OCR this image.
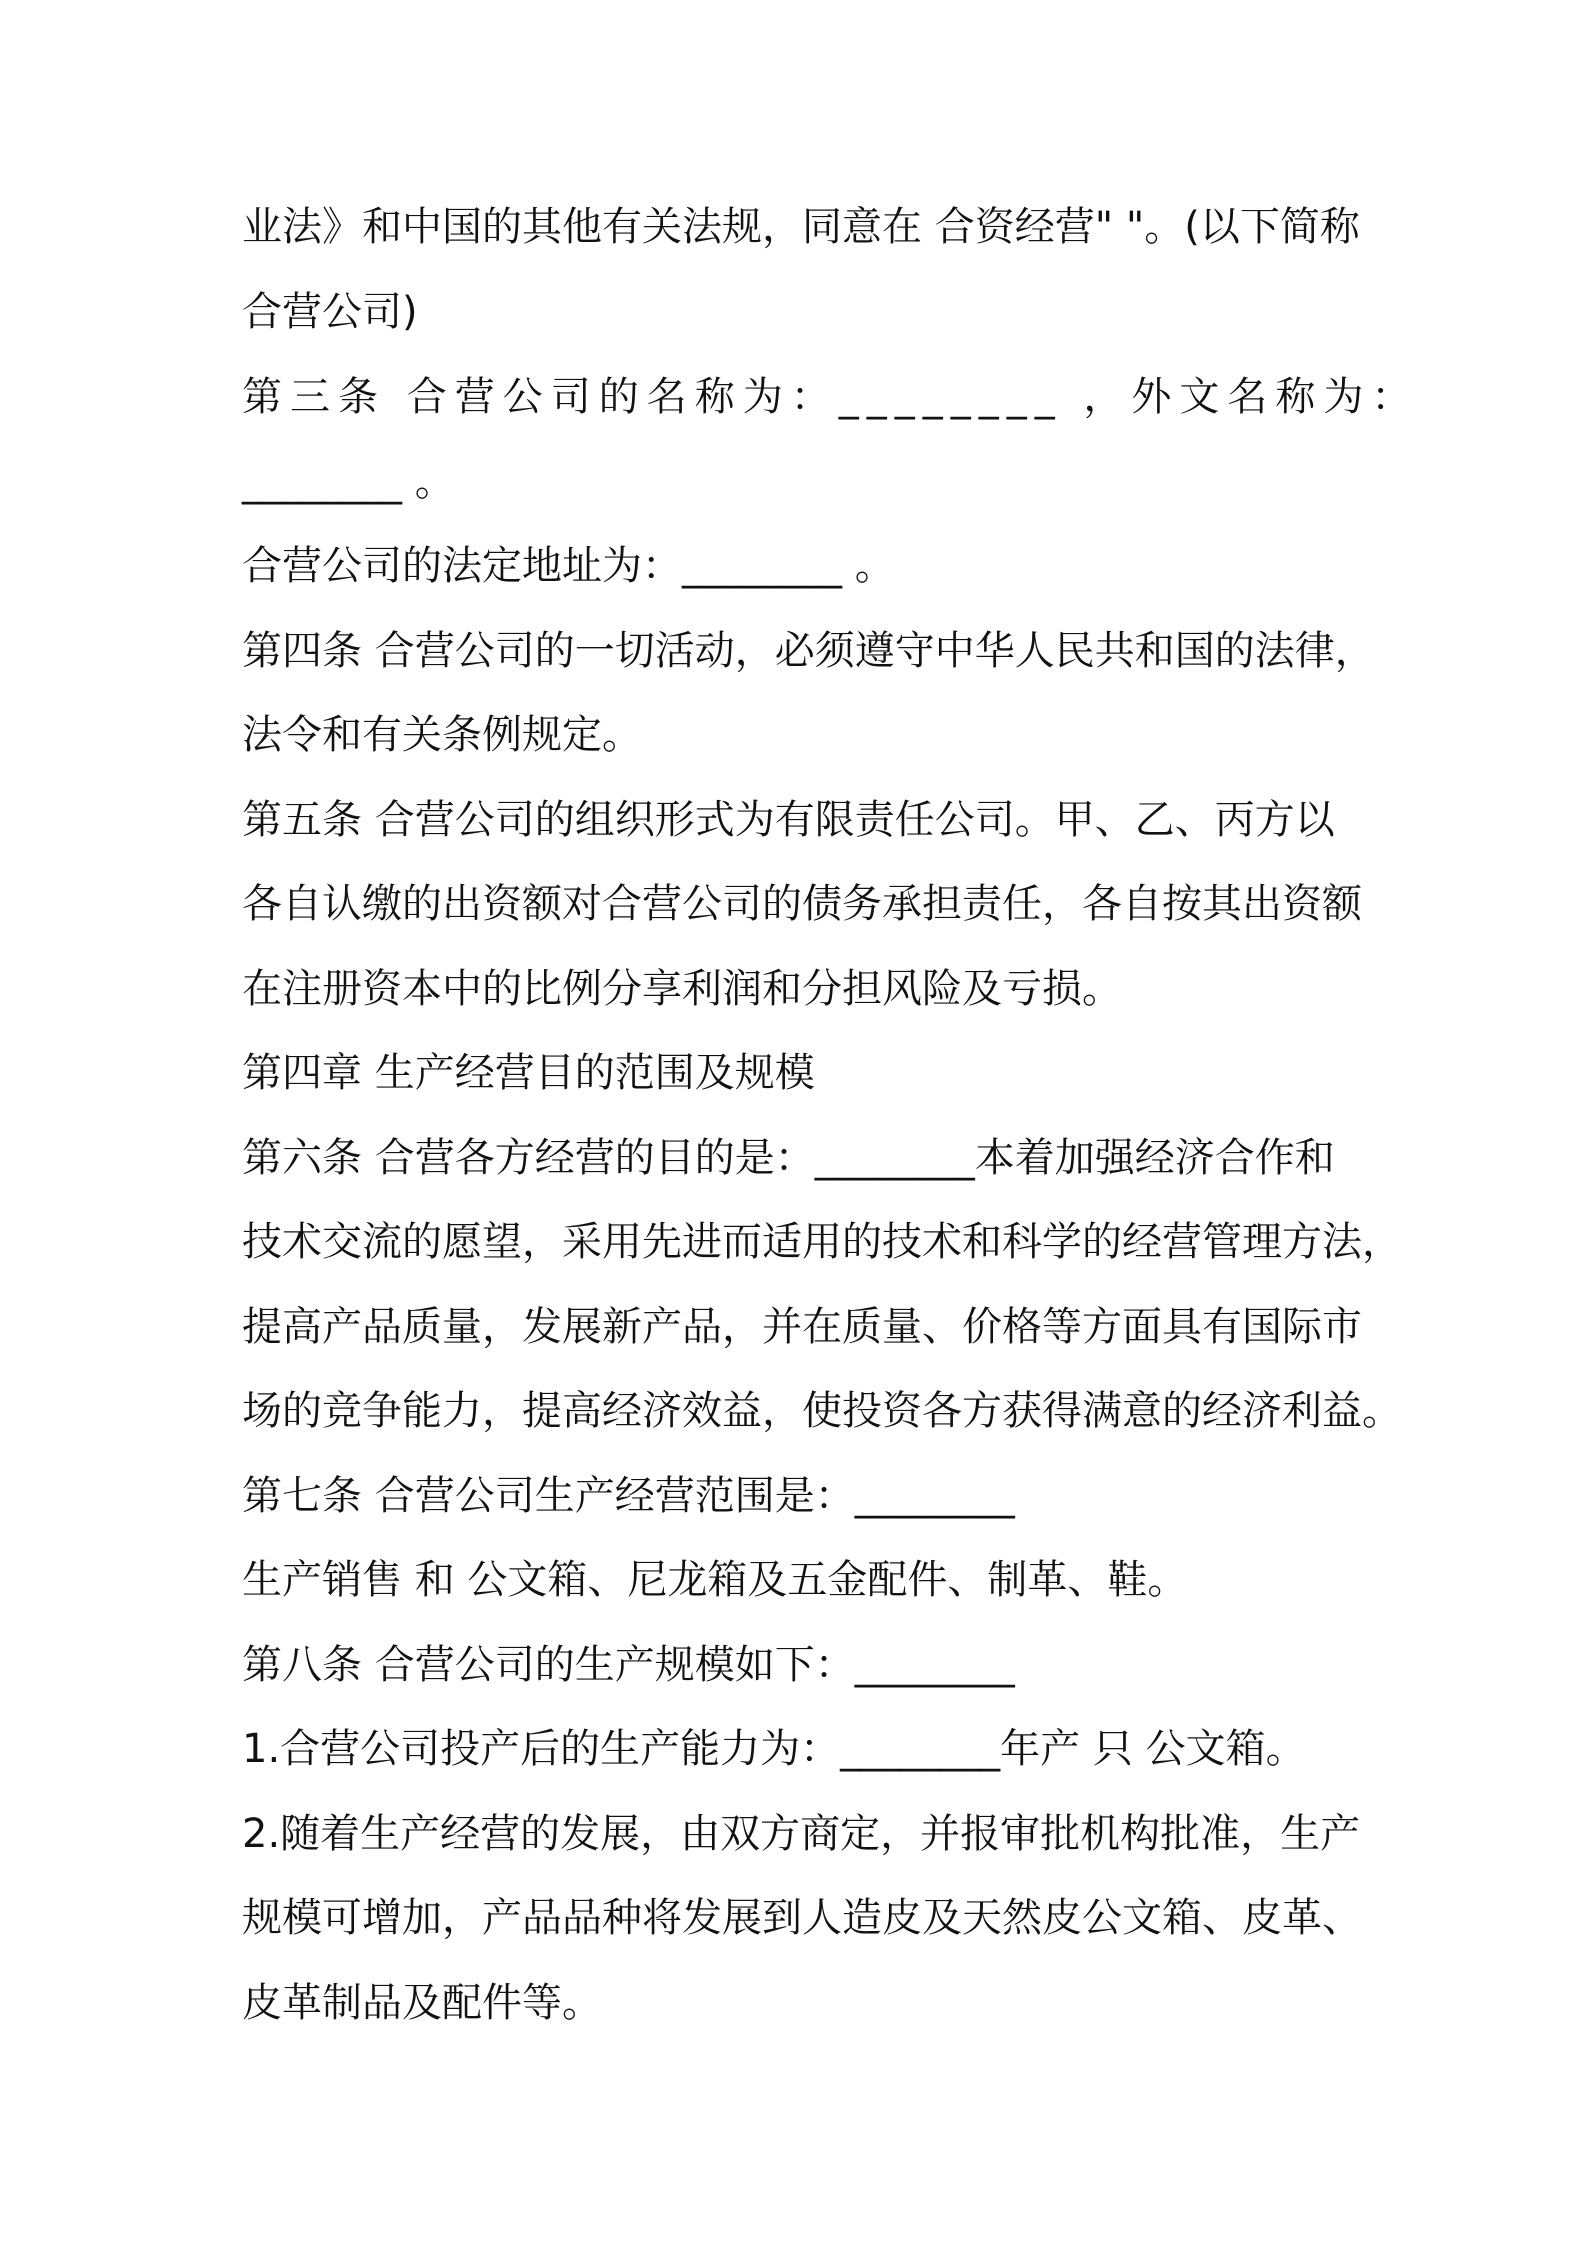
业法》和中国的其他有关法规，同意在 合资经营" "。(以下简称
合营公司)
第三条 合营公司的名称为：________ ，外文名称为：
________ 。
合营公司的法定地址为：________ 。
第四条 合营公司的一切活动，必须遵守中华人民共和国的法律，
法令和有关条例规定。
第五条 合营公司的组织形式为有限责任公司。甲、乙、丙方以
各自认缴的出资额对合营公司的债务承担责任，各自按其出资额
在注册资本中的比例分享利润和分担风险及亏损。
第四章 生产经营目的范围及规模
第六条 合营各方经营的目的是：________本着加强经济合作和
技术交流的愿望，采用先进而适用的技术和科学的经营管理方法，
提高产品质量，发展新产品，并在质量、价格等方面具有国际市
场的竞争能力，提高经济效益，使投资各方获得满意的经济利益。
第七条 合营公司生产经营范围是：________
生产销售 和 公文箱、尼龙箱及五金配件、制革、鞋。
第八条 合营公司的生产规模如下：________
1.合营公司投产后的生产能力为：________年产 只 公文箱。
2.随着生产经营的发展，由双方商定，并报审批机构批准，生产
规模可增加，产品品种将发展到人造皮及天然皮公文箱、皮革、
皮革制品及配件等。
